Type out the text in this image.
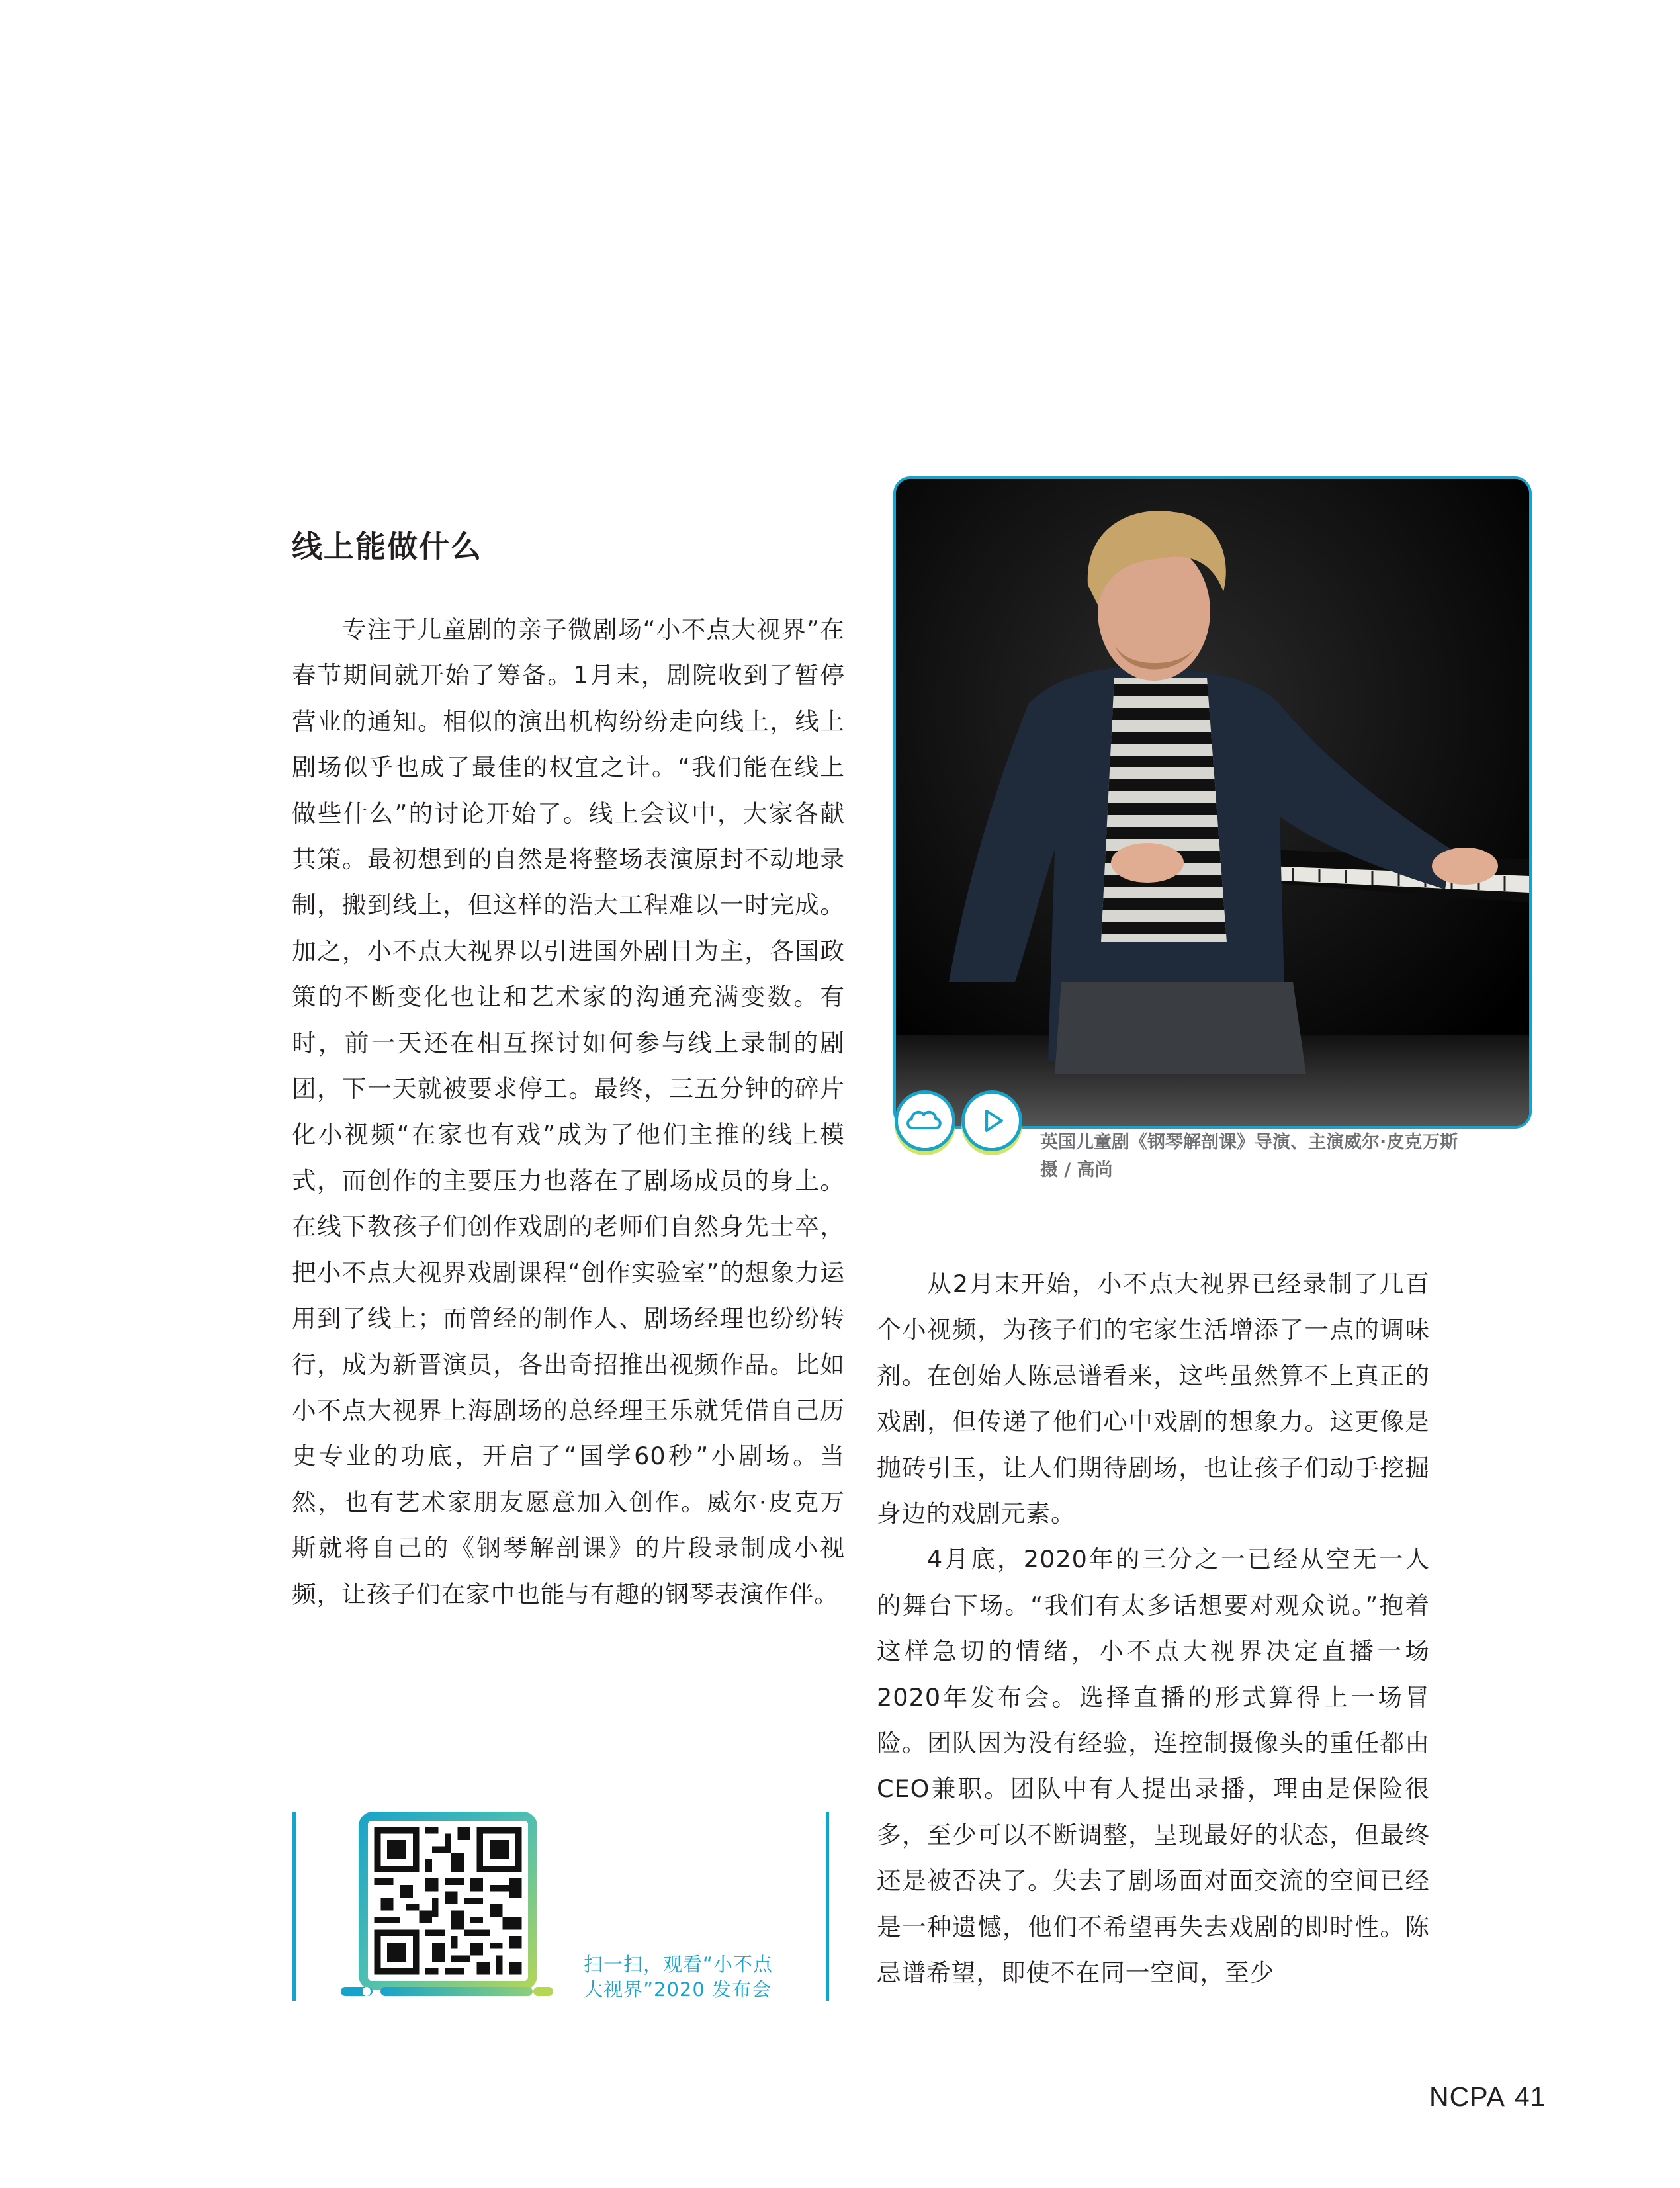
线上能做什么

专注于儿童剧的亲子微剧场“小不点大视界”在春节期间就开始了筹备。1月末，剧院收到了暂停营业的通知。相似的演出机构纷纷走向线上，线上剧场似乎也成了最佳的权宜之计。“我们能在线上做些什么”的讨论开始了。线上会议中，大家各献其策。最初想到的自然是将整场表演原封不动地录制，搬到线上，但这样的浩大工程难以一时完成。加之，小不点大视界以引进国外剧目为主，各国政策的不断变化也让和艺术家的沟通充满变数。有时，前一天还在相互探讨如何参与线上录制的剧团，下一天就被要求停工。最终，三五分钟的碎片化小视频“在家也有戏”成为了他们主推的线上模式，而创作的主要压力也落在了剧场成员的身上。在线下教孩子们创作戏剧的老师们自然身先士卒，把小不点大视界戏剧课程“创作实验室”的想象力运用到了线上；而曾经的制作人、剧场经理也纷纷转行，成为新晋演员，各出奇招推出视频作品。比如小不点大视界上海剧场的总经理王乐就凭借自己历史专业的功底，开启了“国学60秒”小剧场。当然，也有艺术家朋友愿意加入创作。威尔·皮克万斯就将自己的《钢琴解剖课》的片段录制成小视频，让孩子们在家中也能与有趣的钢琴表演作伴。

英国儿童剧《钢琴解剖课》导演、主演威尔·皮克万斯
摄 / 高尚

从2月末开始，小不点大视界已经录制了几百个小视频，为孩子们的宅家生活增添了一点的调味剂。在创始人陈忌谱看来，这些虽然算不上真正的戏剧，但传递了他们心中戏剧的想象力。这更像是抛砖引玉，让人们期待剧场，也让孩子们动手挖掘身边的戏剧元素。

4月底，2020年的三分之一已经从空无一人的舞台下场。“我们有太多话想要对观众说。”抱着这样急切的情绪，小不点大视界决定直播一场2020年发布会。选择直播的形式算得上一场冒险。团队因为没有经验，连控制摄像头的重任都由CEO兼职。团队中有人提出录播，理由是保险很多，至少可以不断调整，呈现最好的状态，但最终还是被否决了。失去了剧场面对面交流的空间已经是一种遗憾，他们不希望再失去戏剧的即时性。陈忌谱希望，即使不在同一空间，至少

扫一扫，观看“小不点
大视界”2020 发布会
NCPA 41
